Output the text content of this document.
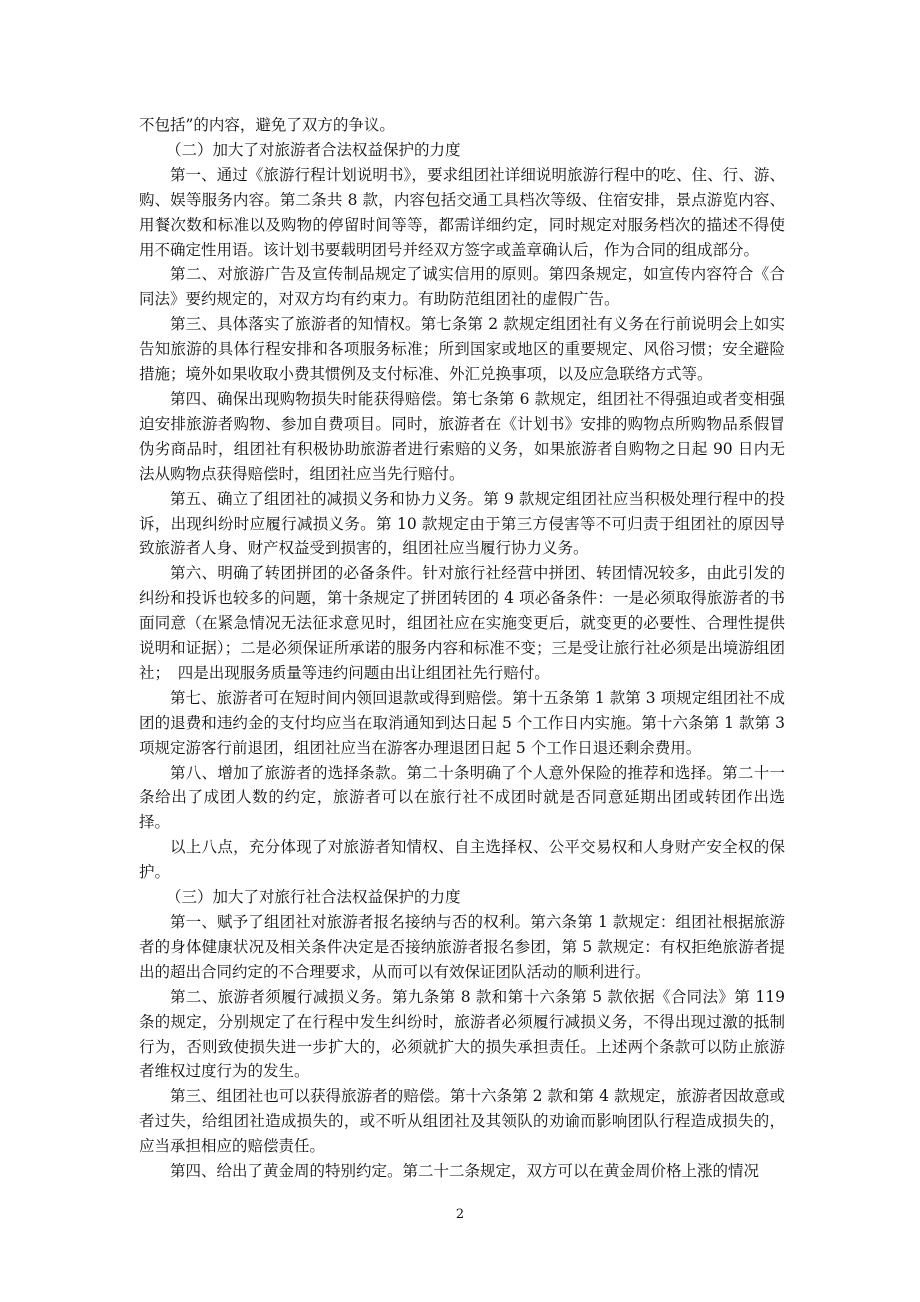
不包括”的内容，避免了双方的争议。

（二）加大了对旅游者合法权益保护的力度

第一、通过《旅游行程计划说明书》，要求组团社详细说明旅游行程中的吃、住、行、游、购、娱等服务内容。第二条共 8 款，内容包括交通工具档次等级、住宿安排，景点游览内容、用餐次数和标准以及购物的停留时间等等，都需详细约定，同时规定对服务档次的描述不得使用不确定性用语。该计划书要载明团号并经双方签字或盖章确认后，作为合同的组成部分。

第二、对旅游广告及宣传制品规定了诚实信用的原则。第四条规定，如宣传内容符合《合同法》要约规定的，对双方均有约束力。有助防范组团社的虚假广告。

第三、具体落实了旅游者的知情权。第七条第 2 款规定组团社有义务在行前说明会上如实告知旅游的具体行程安排和各项服务标准；所到国家或地区的重要规定、风俗习惯；安全避险措施；境外如果收取小费其惯例及支付标准、外汇兑换事项，以及应急联络方式等。

第四、确保出现购物损失时能获得赔偿。第七条第 6 款规定，组团社不得强迫或者变相强迫安排旅游者购物、参加自费项目。同时，旅游者在《计划书》安排的购物点所购物品系假冒伪劣商品时，组团社有积极协助旅游者进行索赔的义务，如果旅游者自购物之日起 90 日内无法从购物点获得赔偿时，组团社应当先行赔付。

第五、确立了组团社的减损义务和协力义务。第 9 款规定组团社应当积极处理行程中的投诉，出现纠纷时应履行减损义务。第 10 款规定由于第三方侵害等不可归责于组团社的原因导致旅游者人身、财产权益受到损害的，组团社应当履行协力义务。

第六、明确了转团拼团的必备条件。针对旅行社经营中拼团、转团情况较多，由此引发的纠纷和投诉也较多的问题，第十条规定了拼团转团的 4 项必备条件：一是必须取得旅游者的书面同意（在紧急情况无法征求意见时，组团社应在实施变更后，就变更的必要性、合理性提供说明和证据）；二是必须保证所承诺的服务内容和标准不变；三是受让旅行社必须是出境游组团社；　四是出现服务质量等违约问题由出让组团社先行赔付。

第七、旅游者可在短时间内领回退款或得到赔偿。第十五条第 1 款第 3 项规定组团社不成团的退费和违约金的支付均应当在取消通知到达日起 5 个工作日内实施。第十六条第 1 款第 3 项规定游客行前退团，组团社应当在游客办理退团日起 5 个工作日退还剩余费用。

第八、增加了旅游者的选择条款。第二十条明确了个人意外保险的推荐和选择。第二十一条给出了成团人数的约定，旅游者可以在旅行社不成团时就是否同意延期出团或转团作出选择。

以上八点，充分体现了对旅游者知情权、自主选择权、公平交易权和人身财产安全权的保护。

（三）加大了对旅行社合法权益保护的力度

第一、赋予了组团社对旅游者报名接纳与否的权利。第六条第 1 款规定：组团社根据旅游者的身体健康状况及相关条件决定是否接纳旅游者报名参团，第 5 款规定：有权拒绝旅游者提出的超出合同约定的不合理要求，从而可以有效保证团队活动的顺利进行。

第二、旅游者须履行减损义务。第九条第 8 款和第十六条第 5 款依据《合同法》第 119 条的规定，分别规定了在行程中发生纠纷时，旅游者必须履行减损义务，不得出现过激的抵制行为，否则致使损失进一步扩大的，必须就扩大的损失承担责任。上述两个条款可以防止旅游者维权过度行为的发生。

第三、组团社也可以获得旅游者的赔偿。第十六条第 2 款和第 4 款规定，旅游者因故意或者过失，给组团社造成损失的，或不听从组团社及其领队的劝谕而影响团队行程造成损失的，应当承担相应的赔偿责任。

第四、给出了黄金周的特别约定。第二十二条规定，双方可以在黄金周价格上涨的情况

2
